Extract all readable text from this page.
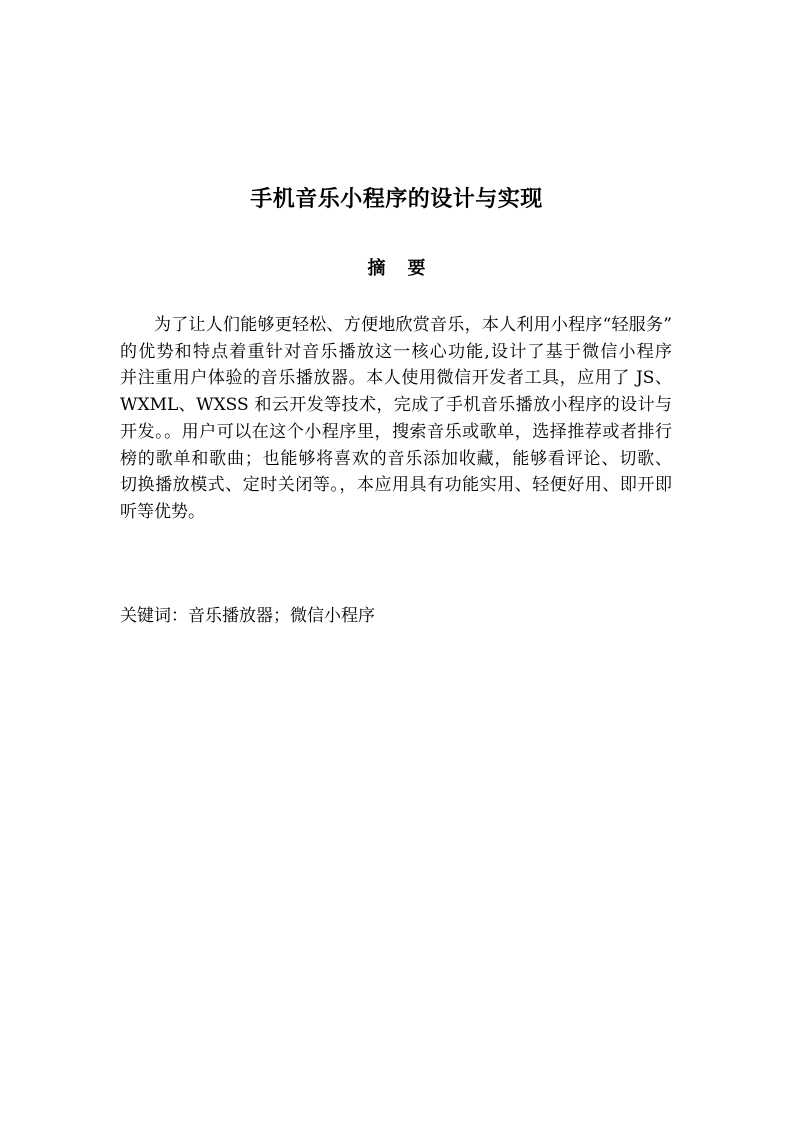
手机音乐小程序的设计与实现
摘要
为了让人们能够更轻松、方便地欣赏音乐，本人利用小程序“轻服务”
的优势和特点着重针对音乐播放这一核心功能,设计了基于微信小程序
并注重用户体验的音乐播放器。本人使用微信开发者工具，应用了 JS、
WXML、WXSS 和云开发等技术，完成了手机音乐播放小程序的设计与
开发。。用户可以在这个小程序里，搜索音乐或歌单，选择推荐或者排行
榜的歌单和歌曲；也能够将喜欢的音乐添加收藏，能够看评论、切歌、
切换播放模式、定时关闭等。，本应用具有功能实用、轻便好用、即开即
听等优势。
关键词：音乐播放器；微信小程序
